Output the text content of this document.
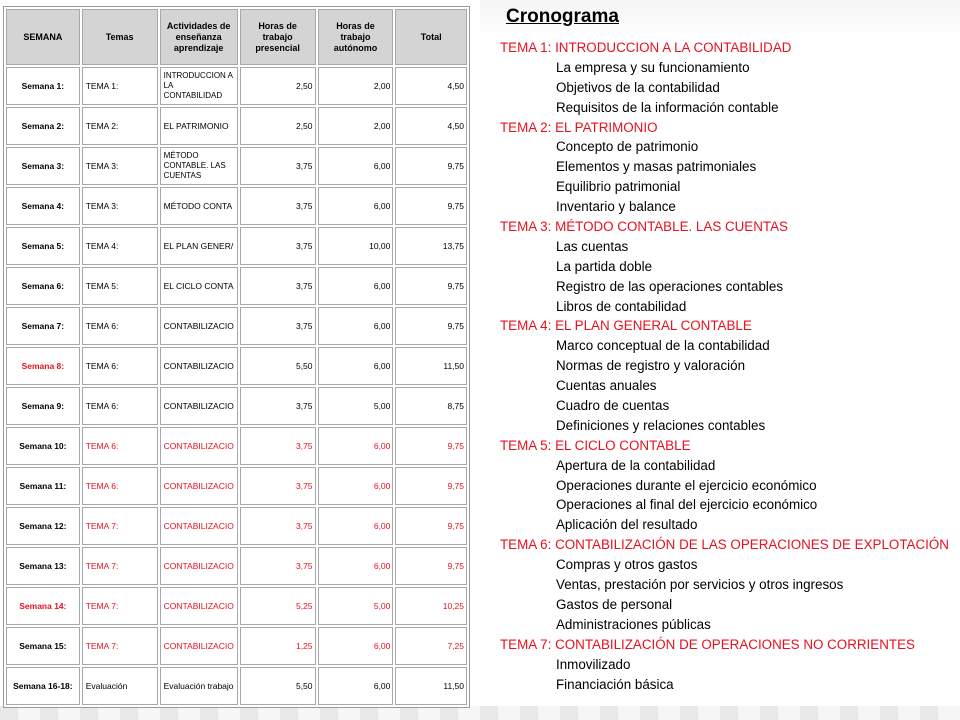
SEMANA	Temas	Actividades de enseñanza aprendizaje	Horas de trabajo presencial	Horas de trabajo autónomo	Total
Semana 1:	TEMA 1:	INTRODUCCION A LA CONTABILIDAD	2,50	2,00	4,50
Semana 2:	TEMA 2:	EL PATRIMONIO	2,50	2,00	4,50
Semana 3:	TEMA 3:	MÉTODO CONTABLE. LAS CUENTAS	3,75	6,00	9,75
Semana 4:	TEMA 3:	MÉTODO CONTA	3,75	6,00	9,75
Semana 5:	TEMA 4:	EL PLAN GENER/	3,75	10,00	13,75
Semana 6:	TEMA 5:	EL CICLO CONTA	3,75	6,00	9,75
Semana 7:	TEMA 6:	CONTABILIZACIO	3,75	6,00	9,75
Semana 8:	TEMA 6:	CONTABILIZACIO	5,50	6,00	11,50
Semana 9:	TEMA 6:	CONTABILIZACIO	3,75	5,00	8,75
Semana 10:	TEMA 6:	CONTABILIZACIO	3,75	6,00	9,75
Semana 11:	TEMA 6:	CONTABILIZACIO	3,75	6,00	9,75
Semana 12:	TEMA 7:	CONTABILIZACIO	3,75	6,00	9,75
Semana 13:	TEMA 7:	CONTABILIZACIO	3,75	6,00	9,75
Semana 14:	TEMA 7:	CONTABILIZACIO	5,25	5,00	10,25
Semana 15:	TEMA 7:	CONTABILIZACIO	1,25	6,00	7,25
Semana 16-18:	Evaluación	Evaluación trabajo	5,50	6,00	11,50
Cronograma
TEMA 1: INTRODUCCION A LA CONTABILIDAD
La empresa y su funcionamiento
Objetivos de la contabilidad
Requisitos de la información contable
TEMA 2: EL PATRIMONIO
Concepto de patrimonio
Elementos y masas patrimoniales
Equilibrio patrimonial
Inventario y balance
TEMA 3: MÉTODO CONTABLE. LAS CUENTAS
Las cuentas
La partida doble
Registro de las operaciones contables
Libros de contabilidad
TEMA 4: EL PLAN GENERAL CONTABLE
Marco conceptual de la contabilidad
Normas de registro y valoración
Cuentas anuales
Cuadro de cuentas
Definiciones y relaciones contables
TEMA 5: EL CICLO CONTABLE
Apertura de la contabilidad
Operaciones durante el ejercicio económico
Operaciones al final del ejercicio económico
Aplicación del resultado
TEMA 6: CONTABILIZACIÓN DE LAS OPERACIONES DE EXPLOTACIÓN
Compras y otros gastos
Ventas, prestación por servicios y otros ingresos
Gastos de personal
Administraciones públicas
TEMA 7: CONTABILIZACIÓN DE OPERACIONES NO CORRIENTES
Inmovilizado
Financiación básica
